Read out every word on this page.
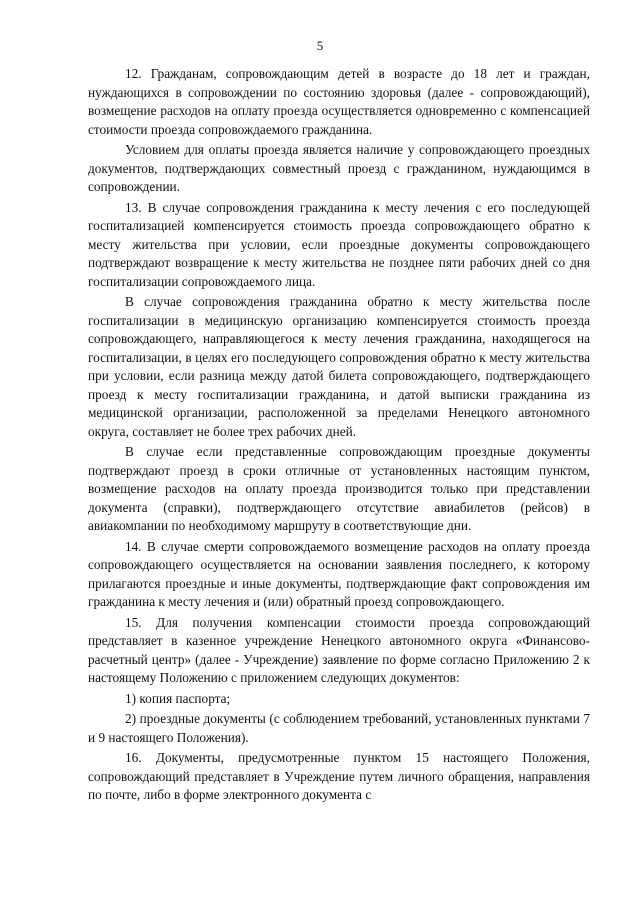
5

12. Гражданам, сопровождающим детей в возрасте до 18 лет и граждан, нуждающихся в сопровождении по состоянию здоровья (далее - сопровождающий), возмещение расходов на оплату проезда осуществляется одновременно с компенсацией стоимости проезда сопровождаемого гражданина.

Условием для оплаты проезда является наличие у сопровождающего проездных документов, подтверждающих совместный проезд с гражданином, нуждающимся в сопровождении.

13. В случае сопровождения гражданина к месту лечения с его последующей госпитализацией компенсируется стоимость проезда сопровождающего обратно к месту жительства при условии, если проездные документы сопровождающего подтверждают возвращение к месту жительства не позднее пяти рабочих дней со дня госпитализации сопровождаемого лица.

В случае сопровождения гражданина обратно к месту жительства после госпитализации в медицинскую организацию компенсируется стоимость проезда сопровождающего, направляющегося к месту лечения гражданина, находящегося на госпитализации, в целях его последующего сопровождения обратно к месту жительства при условии, если разница между датой билета сопровождающего, подтверждающего проезд к месту госпитализации гражданина, и датой выписки гражданина из медицинской организации, расположенной за пределами Ненецкого автономного округа, составляет не более трех рабочих дней.

В случае если представленные сопровождающим проездные документы подтверждают проезд в сроки отличные от установленных настоящим пунктом, возмещение расходов на оплату проезда производится только при представлении документа (справки), подтверждающего отсутствие авиабилетов (рейсов) в авиакомпании по необходимому маршруту в соответствующие дни.

14. В случае смерти сопровождаемого возмещение расходов на оплату проезда сопровождающего осуществляется на основании заявления последнего, к которому прилагаются проездные и иные документы, подтверждающие факт сопровождения им гражданина к месту лечения и (или) обратный проезд сопровождающего.

15. Для получения компенсации стоимости проезда сопровождающий представляет в казенное учреждение Ненецкого автономного округа «Финансово-расчетный центр» (далее - Учреждение) заявление по форме согласно Приложению 2 к настоящему Положению с приложением следующих документов:

1) копия паспорта;

2) проездные документы (с соблюдением требований, установленных пунктами 7 и 9 настоящего Положения).

16. Документы, предусмотренные пунктом 15 настоящего Положения, сопровождающий представляет в Учреждение путем личного обращения, направления по почте, либо в форме электронного документа с
